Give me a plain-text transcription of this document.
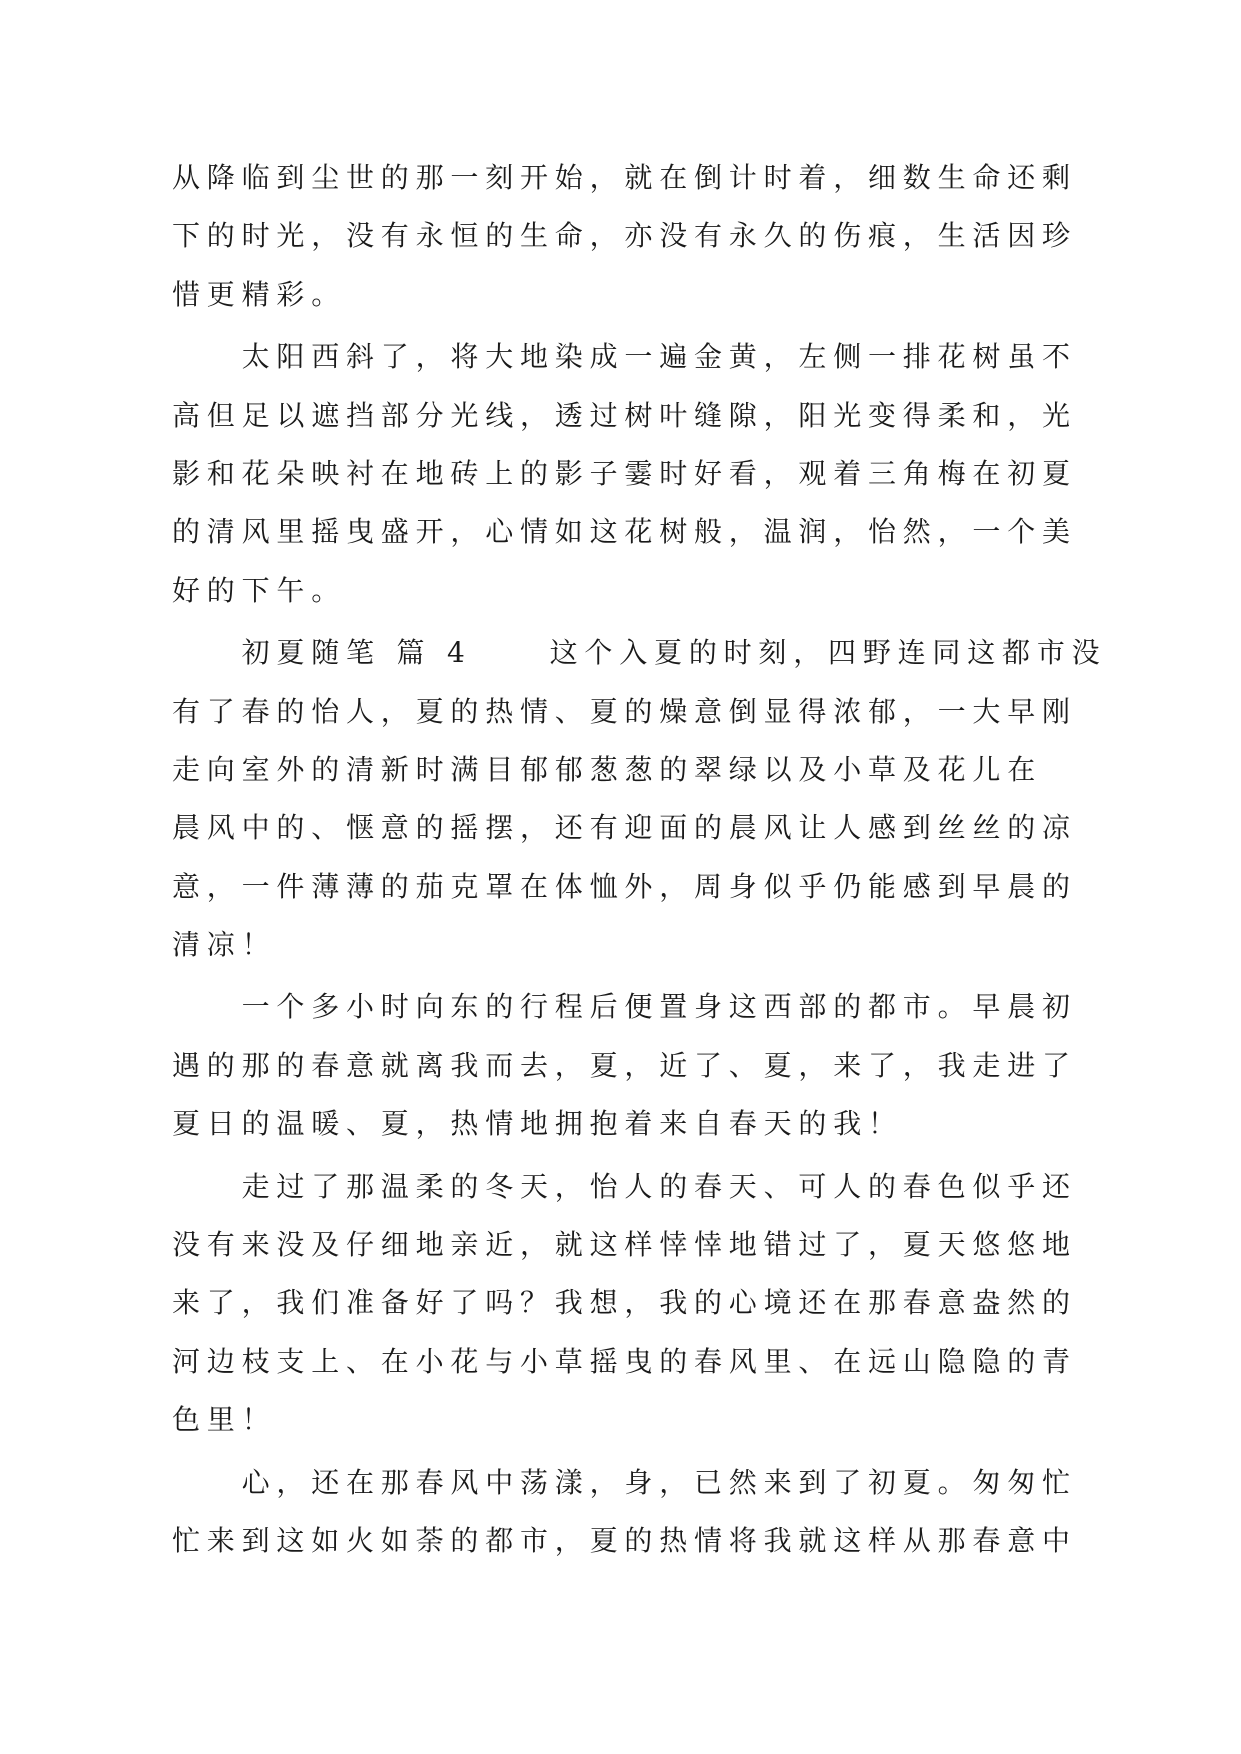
从降临到尘世的那一刻开始，就在倒计时着，细数生命还剩
下的时光，没有永恒的生命，亦没有永久的伤痕，生活因珍
惜更精彩。
　　太阳西斜了，将大地染成一遍金黄，左侧一排花树虽不
高但足以遮挡部分光线，透过树叶缝隙，阳光变得柔和，光
影和花朵映衬在地砖上的影子霎时好看，观着三角梅在初夏
的清风里摇曳盛开，心情如这花树般，温润，怡然，一个美
好的下午。
　　初夏随笔 篇 4	这个入夏的时刻，四野连同这都市没
有了春的怡人，夏的热情、夏的燥意倒显得浓郁，一大早刚
走向室外的清新时满目郁郁葱葱的翠绿以及小草及花儿在
晨风中的、惬意的摇摆，还有迎面的晨风让人感到丝丝的凉
意，一件薄薄的茄克罩在体恤外，周身似乎仍能感到早晨的
清凉！
　　一个多小时向东的行程后便置身这西部的都市。早晨初
遇的那的春意就离我而去，夏，近了、夏，来了，我走进了
夏日的温暖、夏，热情地拥抱着来自春天的我！
　　走过了那温柔的冬天，怡人的春天、可人的春色似乎还
没有来没及仔细地亲近，就这样悻悻地错过了，夏天悠悠地
来了，我们准备好了吗？我想，我的心境还在那春意盎然的
河边枝支上、在小花与小草摇曳的春风里、在远山隐隐的青
色里！
　　心，还在那春风中荡漾，身，已然来到了初夏。匆匆忙
忙来到这如火如荼的都市，夏的热情将我就这样从那春意中
